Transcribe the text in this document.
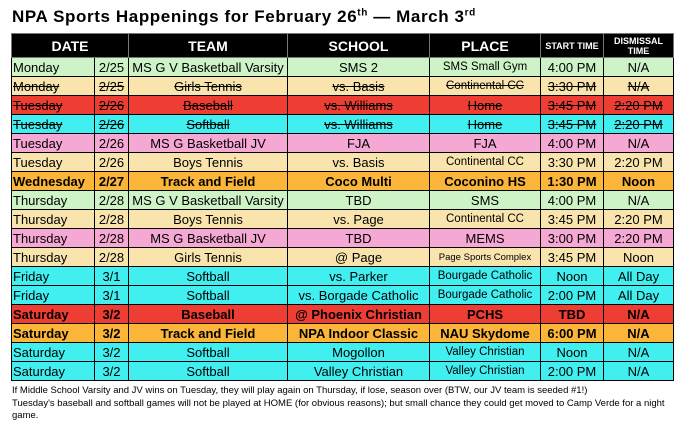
NPA Sports Happenings for February 26th — March 3rd
DATE		TEAM	SCHOOL	PLACE	START TIME	DISMISSAL TIME
Monday	2/25	MS G V Basketball Varsity	SMS 2	SMS Small Gym	4:00 PM	N/A
Monday	2/25	Girls Tennis	vs. Basis	Continental CC	3:30 PM	N/A
Tuesday	2/26	Baseball	vs. Williams	Home	3:45 PM	2:20 PM
Tuesday	2/26	Softball	vs. Williams	Home	3:45 PM	2:20 PM
Tuesday	2/26	MS G Basketball JV	FJA	FJA	4:00 PM	N/A
Tuesday	2/26	Boys Tennis	vs. Basis	Continental CC	3:30 PM	2:20 PM
Wednesday	2/27	Track and Field	Coco Multi	Coconino HS	1:30 PM	Noon
Thursday	2/28	MS G V Basketball Varsity	TBD	SMS	4:00 PM	N/A
Thursday	2/28	Boys Tennis	vs. Page	Continental CC	3:45 PM	2:20 PM
Thursday	2/28	MS G Basketball JV	TBD	MEMS	3:00 PM	2:20 PM
Thursday	2/28	Girls Tennis	@ Page	Page Sports Complex	3:45 PM	Noon
Friday	3/1	Softball	vs. Parker	Bourgade Catholic	Noon	All Day
Friday	3/1	Softball	vs. Borgade Catholic	Bourgade Catholic	2:00 PM	All Day
Saturday	3/2	Baseball	@ Phoenix Christian	PCHS	TBD	N/A
Saturday	3/2	Track and Field	NPA Indoor Classic	NAU Skydome	6:00 PM	N/A
Saturday	3/2	Softball	Mogollon	Valley Christian	Noon	N/A
Saturday	3/2	Softball	Valley Christian	Valley Christian	2:00 PM	N/A

If Middle School Varsity and JV wins on Tuesday, they will play again on Thursday, if lose, season over (BTW, our JV team is seeded #1!)

Tuesday's baseball and softball games will not be played at HOME (for obvious reasons); but small chance they could get moved to Camp Verde for a night game.
